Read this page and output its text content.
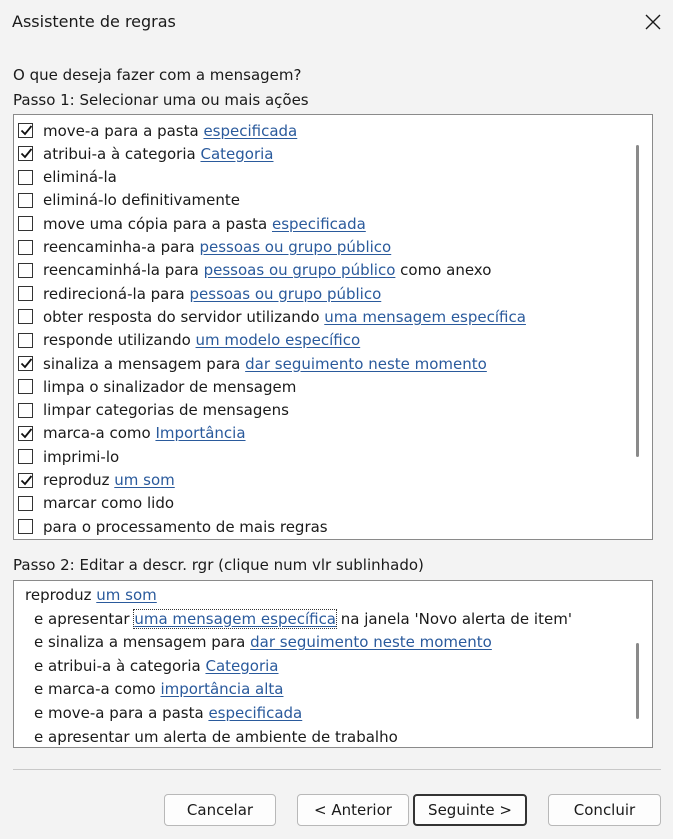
Assistente de regras
O que deseja fazer com a mensagem?
Passo 1: Selecionar uma ou mais ações
move-a para a pasta especificada
atribui-a à categoria Categoria
eliminá-la
eliminá-lo definitivamente
move uma cópia para a pasta especificada
reencaminha-a para pessoas ou grupo público
reencaminhá-la para pessoas ou grupo público como anexo
redirecioná-la para pessoas ou grupo público
obter resposta do servidor utilizando uma mensagem específica
responde utilizando um modelo específico
sinaliza a mensagem para dar seguimento neste momento
limpa o sinalizador de mensagem
limpar categorias de mensagens
marca-a como Importância
imprimi-lo
reproduz um som
marcar como lido
para o processamento de mais regras
Passo 2: Editar a descr. rgr (clique num vlr sublinhado)
reproduz um som
e apresentar uma mensagem específica na janela 'Novo alerta de item'
e sinaliza a mensagem para dar seguimento neste momento
e atribui-a à categoria Categoria
e marca-a como importância alta
e move-a para a pasta especificada
e apresentar um alerta de ambiente de trabalho
Cancelar	< Anterior	Seguinte >	Concluir
